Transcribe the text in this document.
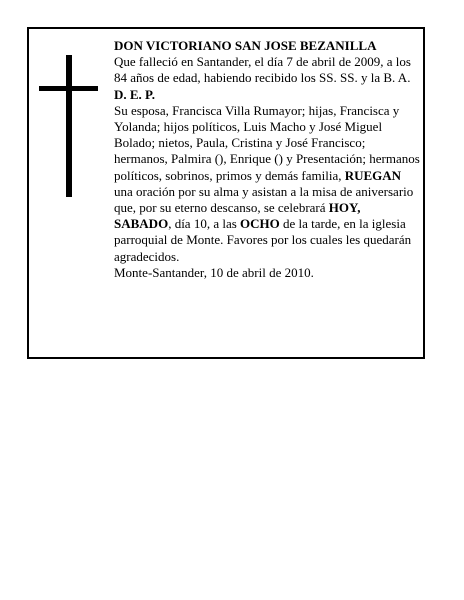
DON VICTORIANO SAN JOSE BEZANILLA

Que falleció en Santander, el día 7 de abril de 2009, a los 84 años de edad, habiendo recibido los SS. SS. y la B. A.

D. E. P.

Su esposa, Francisca Villa Rumayor; hijas, Francisca y Yolanda; hijos políticos, Luis Macho y José Miguel Bolado; nietos, Paula, Cristina y José Francisco; hermanos, Palmira (), Enrique () y Presentación; hermanos políticos, sobrinos, primos y demás familia, RUEGAN una oración por su alma y asistan a la misa de aniversario que, por su eterno descanso, se celebrará HOY, SABADO, día 10, a las OCHO de la tarde, en la iglesia parroquial de Monte. Favores por los cuales les quedarán agradecidos.

Monte-Santander, 10 de abril de 2010.
